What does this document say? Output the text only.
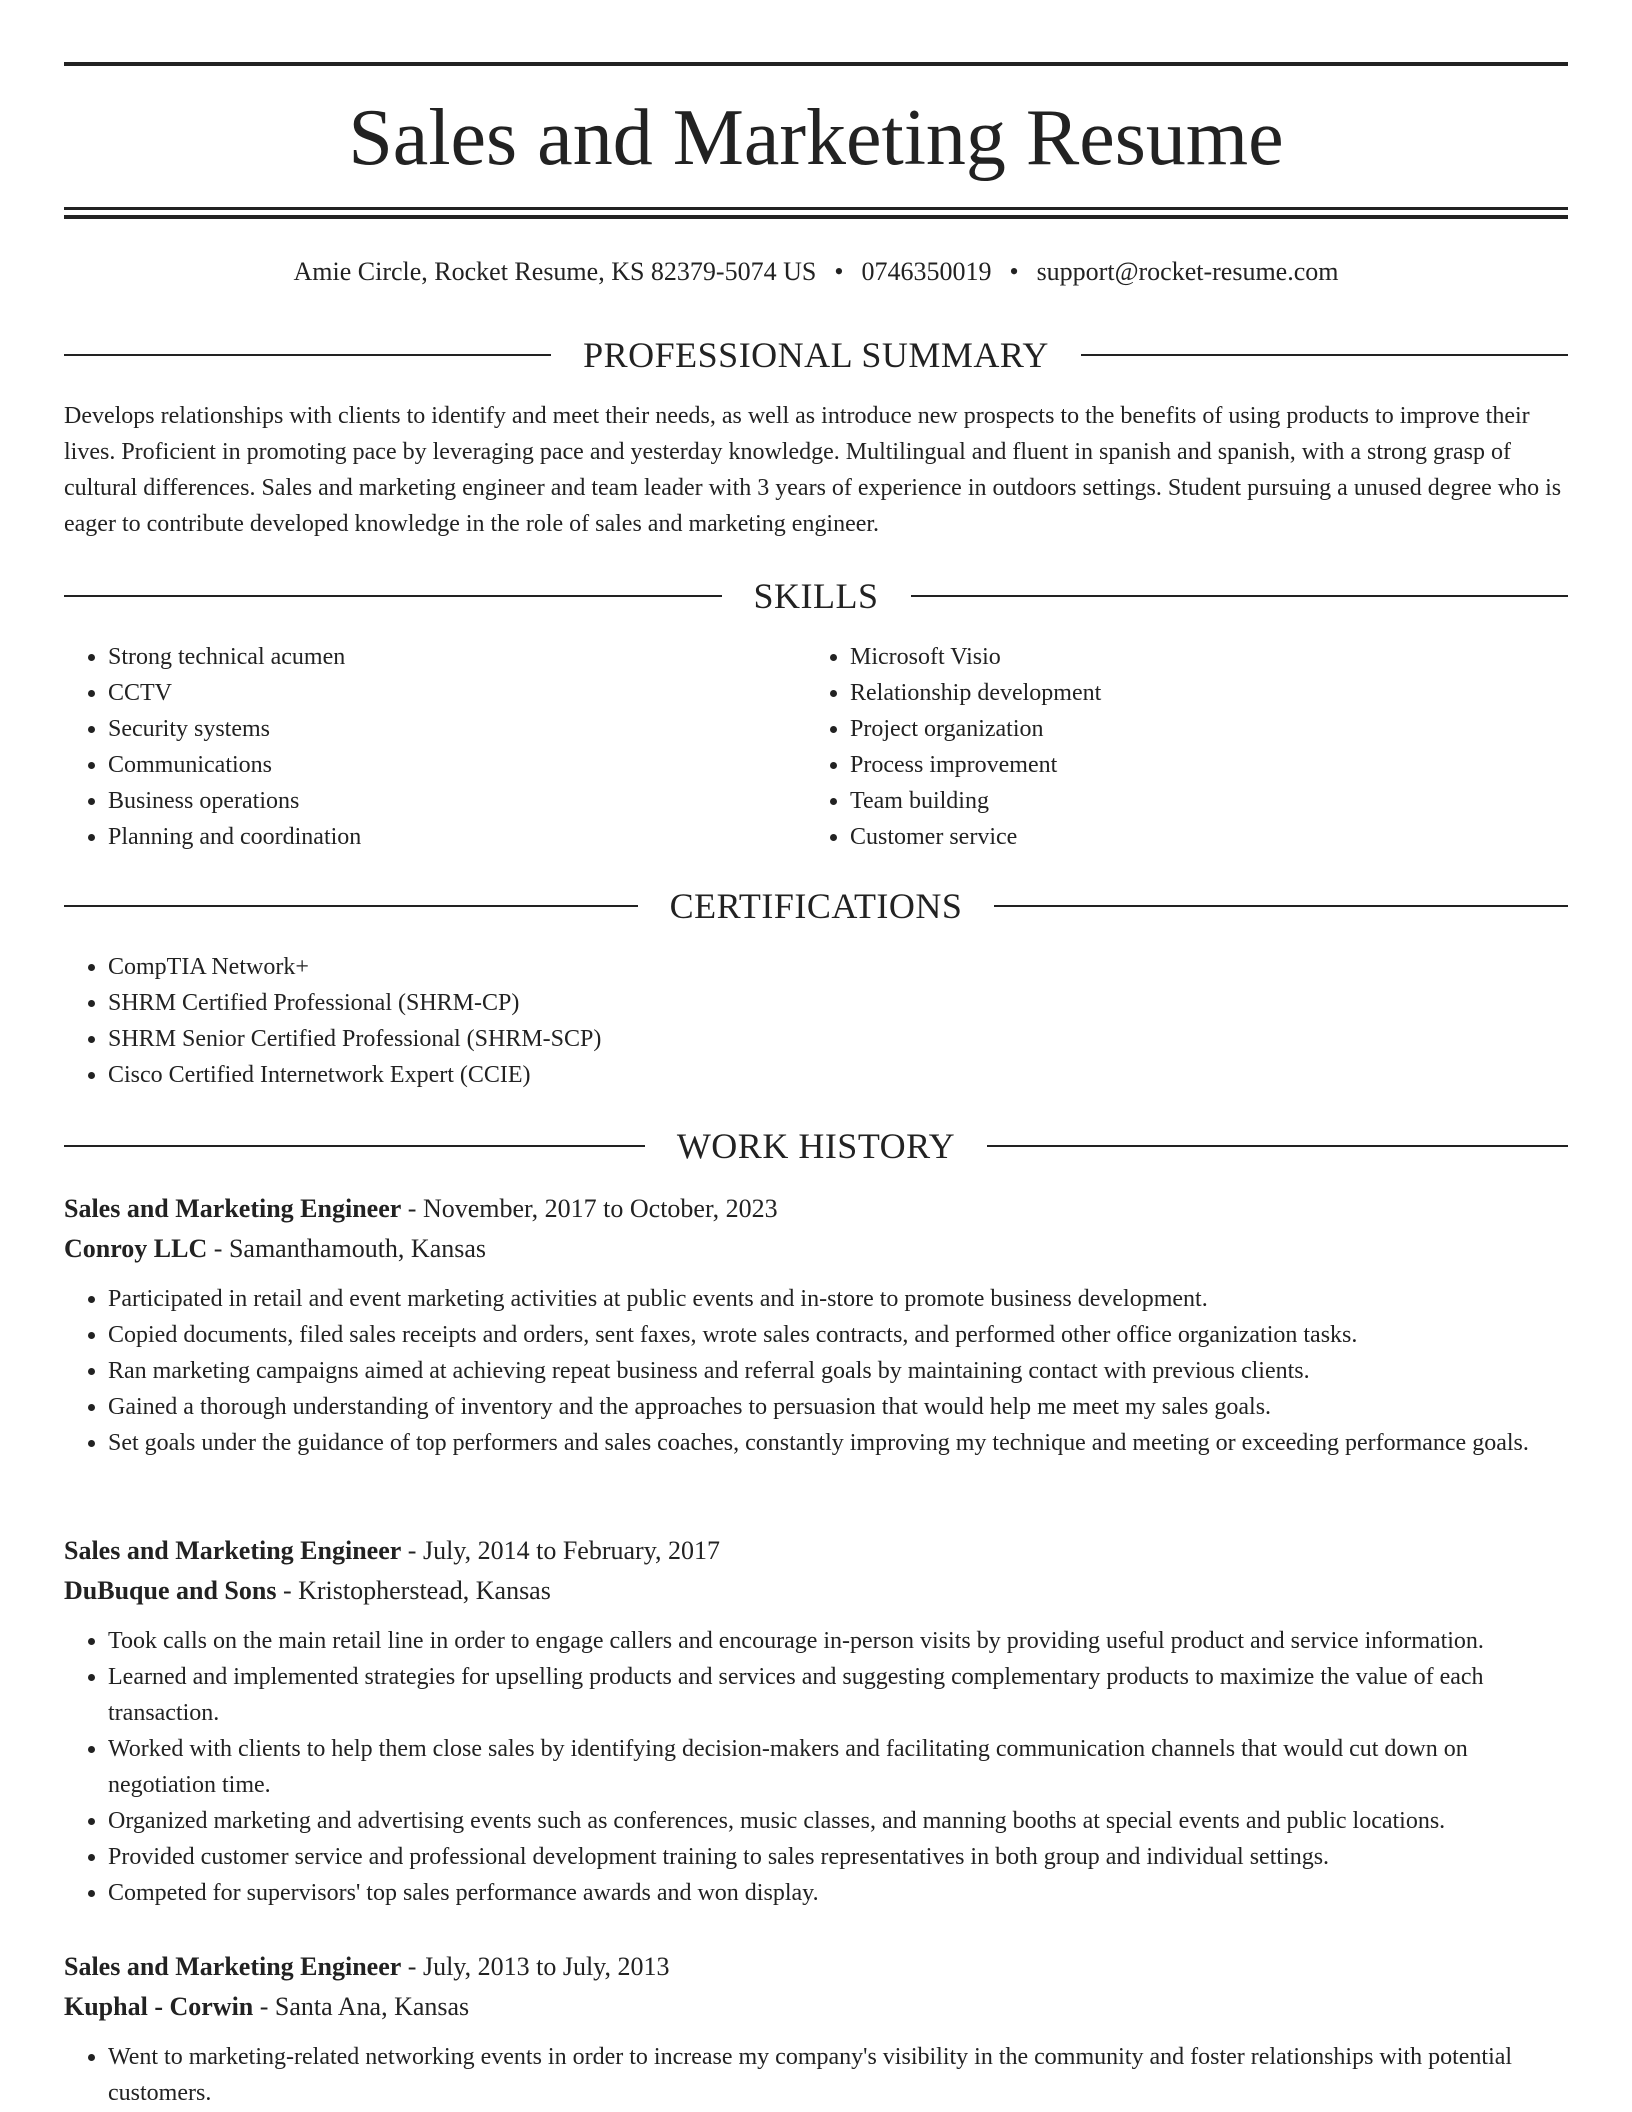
Sales and Marketing Resume
Amie Circle, Rocket Resume, KS 82379-5074 US • 0746350019 • support@rocket-resume.com
PROFESSIONAL SUMMARY

Develops relationships with clients to identify and meet their needs, as well as introduce new prospects to the benefits of using products to improve their lives. Proficient in promoting pace by leveraging pace and yesterday knowledge. Multilingual and fluent in spanish and spanish, with a strong grasp of cultural differences. Sales and marketing engineer and team leader with 3 years of experience in outdoors settings. Student pursuing a unused degree who is eager to contribute developed knowledge in the role of sales and marketing engineer.

SKILLS
• Strong technical acumen
• CCTV
• Security systems
• Communications
• Business operations
• Planning and coordination
• Microsoft Visio
• Relationship development
• Project organization
• Process improvement
• Team building
• Customer service
CERTIFICATIONS
• CompTIA Network+
• SHRM Certified Professional (SHRM-CP)
• SHRM Senior Certified Professional (SHRM-SCP)
• Cisco Certified Internetwork Expert (CCIE)
WORK HISTORY
Sales and Marketing Engineer - November, 2017 to October, 2023
Conroy LLC - Samanthamouth, Kansas
• Participated in retail and event marketing activities at public events and in-store to promote business development.
• Copied documents, filed sales receipts and orders, sent faxes, wrote sales contracts, and performed other office organization tasks.
• Ran marketing campaigns aimed at achieving repeat business and referral goals by maintaining contact with previous clients.
• Gained a thorough understanding of inventory and the approaches to persuasion that would help me meet my sales goals.
• Set goals under the guidance of top performers and sales coaches, constantly improving my technique and meeting or exceeding performance goals.
Sales and Marketing Engineer - July, 2014 to February, 2017
DuBuque and Sons - Kristopherstead, Kansas
• Took calls on the main retail line in order to engage callers and encourage in-person visits by providing useful product and service information.
• Learned and implemented strategies for upselling products and services and suggesting complementary products to maximize the value of each transaction.
• Worked with clients to help them close sales by identifying decision-makers and facilitating communication channels that would cut down on negotiation time.
• Organized marketing and advertising events such as conferences, music classes, and manning booths at special events and public locations.
• Provided customer service and professional development training to sales representatives in both group and individual settings.
• Competed for supervisors' top sales performance awards and won display.
Sales and Marketing Engineer - July, 2013 to July, 2013
Kuphal - Corwin - Santa Ana, Kansas
• Went to marketing-related networking events in order to increase my company's visibility in the community and foster relationships with potential customers.
